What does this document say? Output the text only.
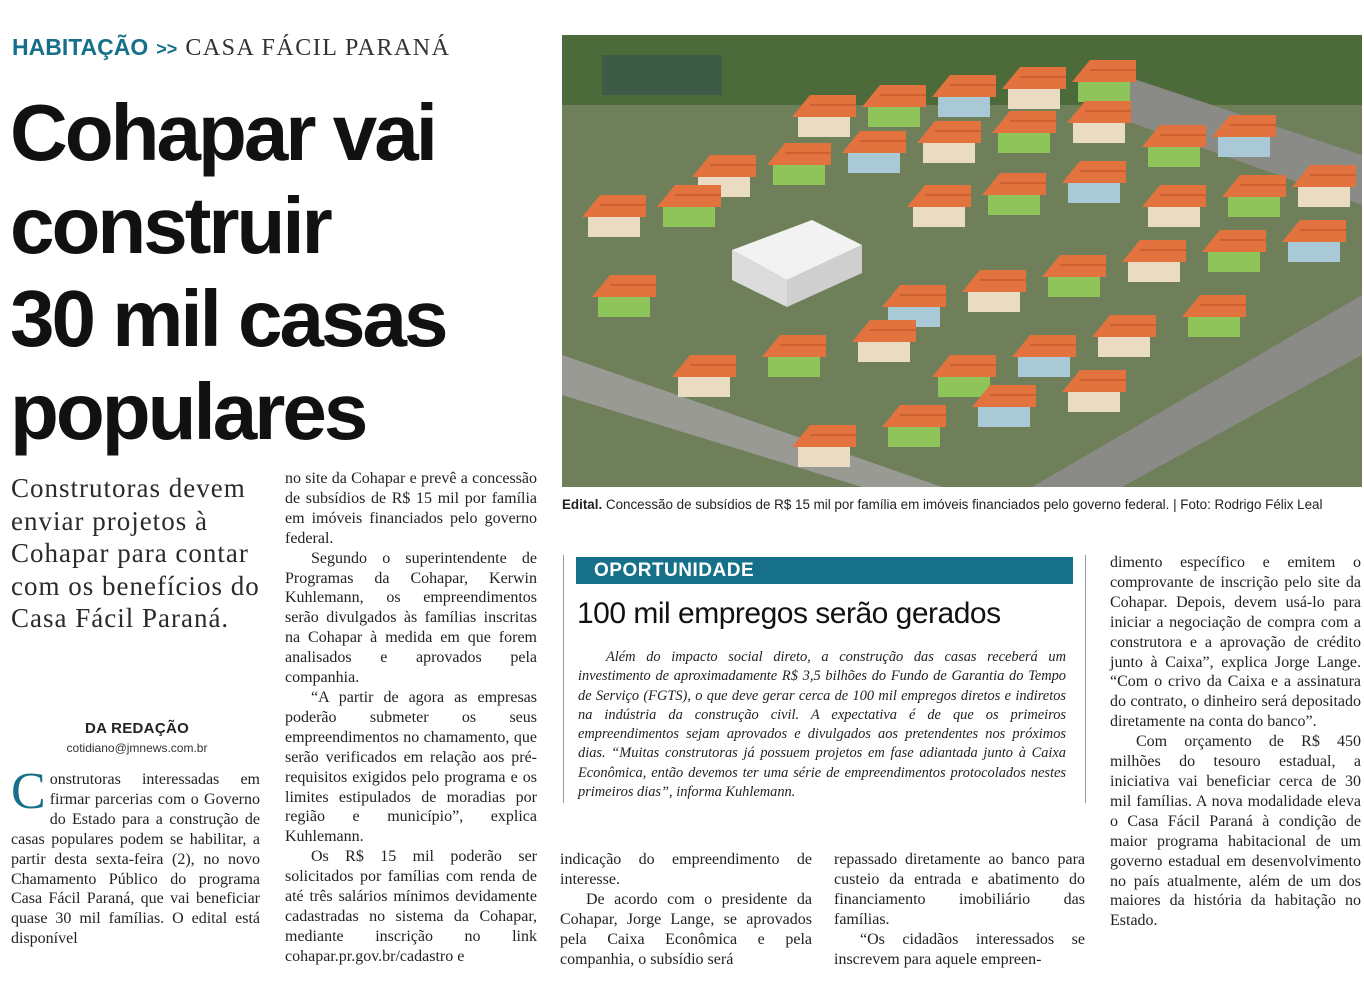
HABITAÇÃO >> CASA FÁCIL PARANÁ
Cohapar vai
construir
30 mil casas
populares
Construtoras devem enviar projetos à Cohapar para contar com os benefícios do Casa Fácil Paraná.
DA REDAÇÃO
cotidiano@jmnews.com.br

Construtoras interessadas em firmar parcerias com o Governo do Estado para a construção de casas populares podem se habilitar, a partir desta sexta-feira (2), no novo Chamamento Público do programa Casa Fácil Paraná, que vai beneficiar quase 30 mil famílias. O edital está disponível

no site da Cohapar e prevê a concessão de subsídios de R$ 15 mil por família em imóveis financiados pelo governo federal.

Segundo o superintendente de Programas da Cohapar, Kerwin Kuhlemann, os empreendimentos serão divulgados às famílias inscritas na Cohapar à medida em que forem analisados e aprovados pela companhia.

“A partir de agora as empresas poderão submeter os seus empreendimentos no chamamento, que serão verificados em relação aos pré-requisitos exigidos pelo programa e os limites estipulados de moradias por região e município”, explica Kuhlemann.

Os R$ 15 mil poderão ser solicitados por famílias com renda de até três salários mínimos devidamente cadastradas no sistema da Cohapar, mediante inscrição no link cohapar.pr.gov.br/cadastro e

indicação do empreendimento de interesse.

De acordo com o presidente da Cohapar, Jorge Lange, se aprovados pela Caixa Econômica e pela companhia, o subsídio será

repassado diretamente ao banco para custeio da entrada e abatimento do financiamento imobiliário das famílias.

“Os cidadãos interessados se inscrevem para aquele empreen-

dimento específico e emitem o comprovante de inscrição pelo site da Cohapar. Depois, devem usá-lo para iniciar a negociação de compra com a construtora e a aprovação de crédito junto à Caixa”, explica Jorge Lange. “Com o crivo da Caixa e a assinatura do contrato, o dinheiro será depositado diretamente na conta do banco”.

Com orçamento de R$ 450 milhões do tesouro estadual, a iniciativa vai beneficiar cerca de 30 mil famílias. A nova modalidade eleva o Casa Fácil Paraná à condição de maior programa habitacional de um governo estadual em desenvolvimento no país atualmente, além de um dos maiores da história da habitação no Estado.

Edital. Concessão de subsídios de R$ 15 mil por família em imóveis financiados pelo governo federal. | Foto: Rodrigo Félix Leal
OPORTUNIDADE
100 mil empregos serão gerados
Além do impacto social direto, a construção das casas receberá um investimento de aproximadamente R$ 3,5 bilhões do Fundo de Garantia do Tempo de Serviço (FGTS), o que deve gerar cerca de 100 mil empregos diretos e indiretos na indústria da construção civil. A expectativa é de que os primeiros empreendimentos sejam aprovados e divulgados aos pretendentes nos próximos dias. “Muitas construtoras já possuem projetos em fase adiantada junto à Caixa Econômica, então devemos ter uma série de empreendimentos protocolados nestes primeiros dias”, informa Kuhlemann.
